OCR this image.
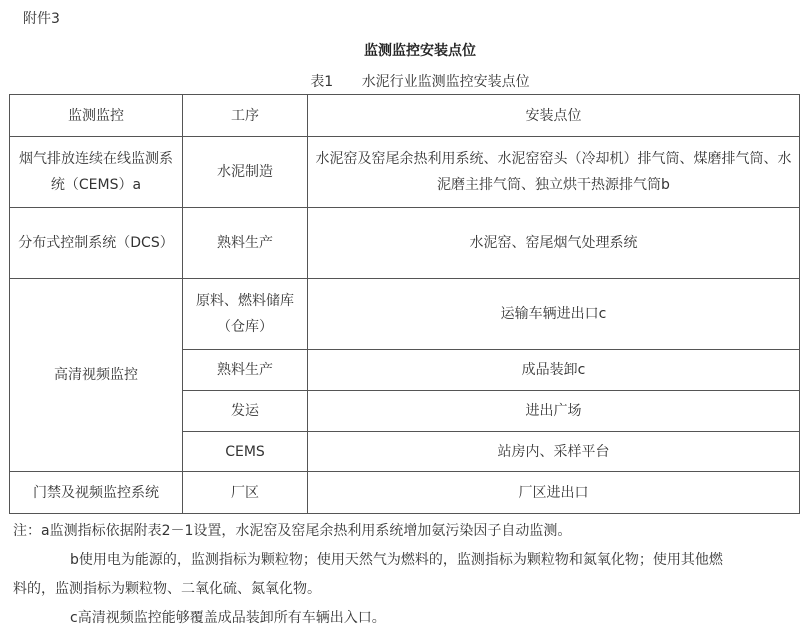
附件3
监测监控安装点位
表1 水泥行业监测监控安装点位
监测监控	工序	安装点位
烟气排放连续在线监测系统（CEMS）a	水泥制造	水泥窑及窑尾余热利用系统、水泥窑窑头（冷却机）排气筒、煤磨排气筒、水泥磨主排气筒、独立烘干热源排气筒b
分布式控制系统（DCS）	熟料生产	水泥窑、窑尾烟气处理系统
高清视频监控	原料、燃料储库（仓库）	运输车辆进出口c
	熟料生产	成品装卸c
	发运	进出广场
	CEMS	站房内、采样平台
门禁及视频监控系统	厂区	厂区进出口

注：a监测指标依据附表2－1设置，水泥窑及窑尾余热利用系统增加氨污染因子自动监测。

b使用电为能源的，监测指标为颗粒物；使用天然气为燃料的，监测指标为颗粒物和氮氧化物；使用其他燃

料的，监测指标为颗粒物、二氧化硫、氮氧化物。

c高清视频监控能够覆盖成品装卸所有车辆出入口。
